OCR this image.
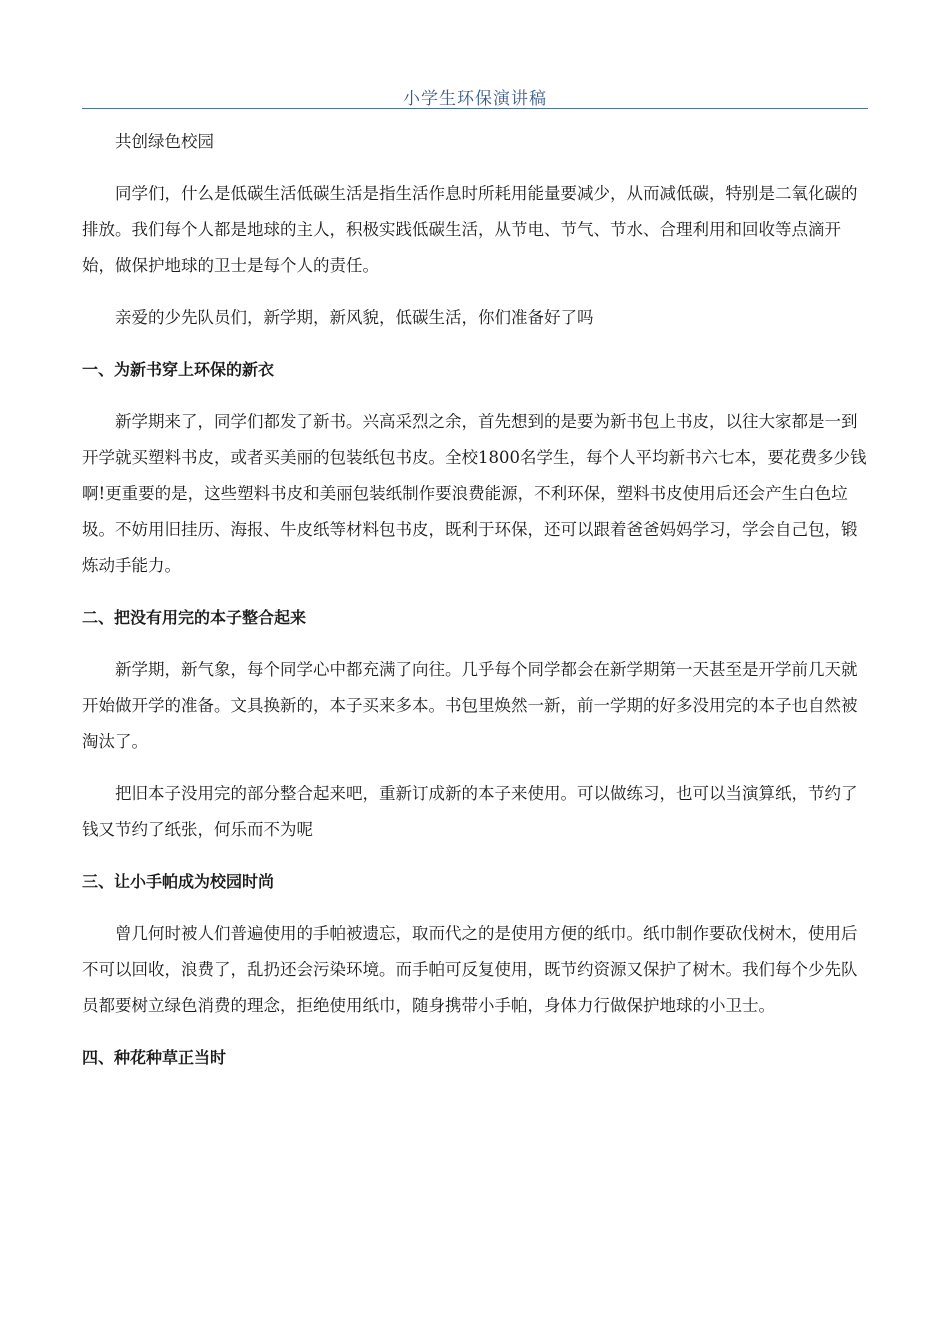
小学生环保演讲稿

共创绿色校园

同学们，什么是低碳生活低碳生活是指生活作息时所耗用能量要减少，从而减低碳，特别是二氧化碳的排放。我们每个人都是地球的主人，积极实践低碳生活，从节电、节气、节水、合理利用和回收等点滴开始，做保护地球的卫士是每个人的责任。

亲爱的少先队员们，新学期，新风貌，低碳生活，你们准备好了吗

一、为新书穿上环保的新衣

新学期来了，同学们都发了新书。兴高采烈之余，首先想到的是要为新书包上书皮，以往大家都是一到开学就买塑料书皮，或者买美丽的包装纸包书皮。全校1800名学生，每个人平均新书六七本，要花费多少钱啊!更重要的是，这些塑料书皮和美丽包装纸制作要浪费能源，不利环保，塑料书皮使用后还会产生白色垃圾。不妨用旧挂历、海报、牛皮纸等材料包书皮，既利于环保，还可以跟着爸爸妈妈学习，学会自己包，锻炼动手能力。

二、把没有用完的本子整合起来

新学期，新气象，每个同学心中都充满了向往。几乎每个同学都会在新学期第一天甚至是开学前几天就开始做开学的准备。文具换新的，本子买来多本。书包里焕然一新，前一学期的好多没用完的本子也自然被淘汰了。

把旧本子没用完的部分整合起来吧，重新订成新的本子来使用。可以做练习，也可以当演算纸，节约了钱又节约了纸张，何乐而不为呢

三、让小手帕成为校园时尚

曾几何时被人们普遍使用的手帕被遗忘，取而代之的是使用方便的纸巾。纸巾制作要砍伐树木，使用后不可以回收，浪费了，乱扔还会污染环境。而手帕可反复使用，既节约资源又保护了树木。我们每个少先队员都要树立绿色消费的理念，拒绝使用纸巾，随身携带小手帕，身体力行做保护地球的小卫士。

四、种花种草正当时
